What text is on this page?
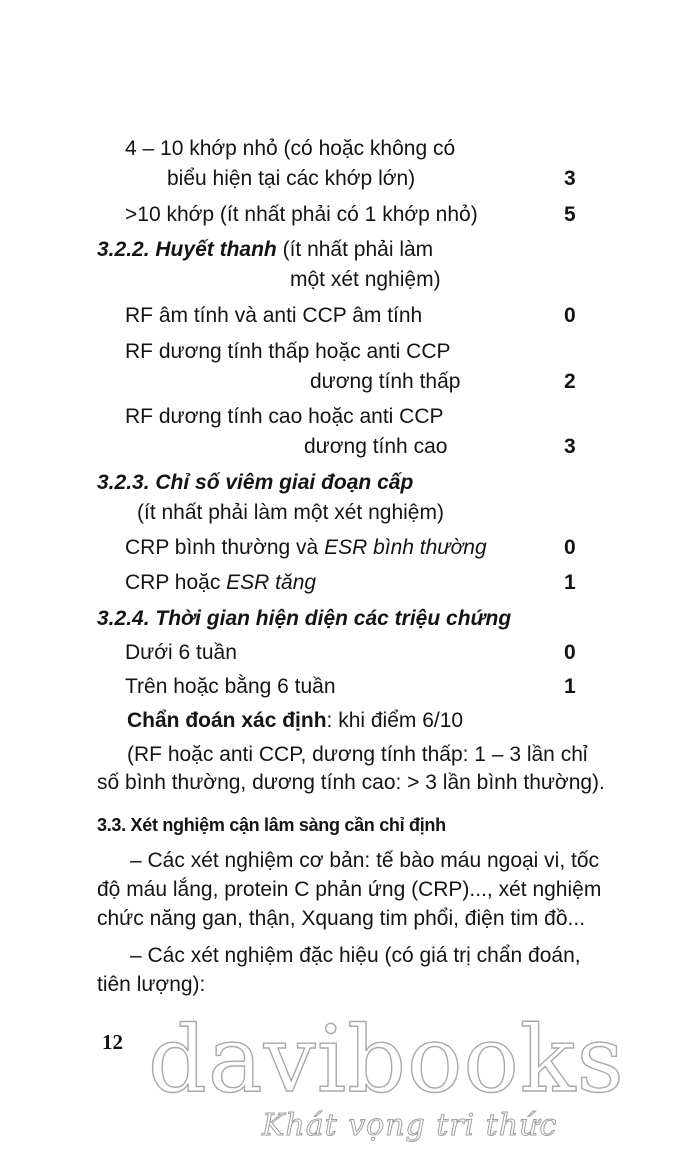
4 – 10 khớp nhỏ (có hoặc không có
biểu hiện tại các khớp lớn)	3
>10 khớp (ít nhất phải có 1 khớp nhỏ)	5
3.2.2. Huyết thanh (ít nhất phải làm
một xét nghiệm)
RF âm tính và anti CCP âm tính	0
RF dương tính thấp hoặc anti CCP
dương tính thấp	2
RF dương tính cao hoặc anti CCP
dương tính cao	3
3.2.3. Chỉ số viêm giai đoạn cấp
(ít nhất phải làm một xét nghiệm)
CRP bình thường và ESR bình thường	0
CRP hoặc ESR tăng	1
3.2.4. Thời gian hiện diện các triệu chứng
Dưới 6 tuần	0
Trên hoặc bằng 6 tuần	1
Chẩn đoán xác định: khi điểm 6/10
(RF hoặc anti CCP, dương tính thấp: 1 – 3 lần chỉ
số bình thường, dương tính cao: > 3 lần bình thường).
3.3. Xét nghiệm cận lâm sàng cần chỉ định
– Các xét nghiệm cơ bản: tế bào máu ngoại vi, tốc
độ máu lắng, protein C phản ứng (CRP)..., xét nghiệm
chức năng gan, thận, Xquang tim phổi, điện tim đồ...
– Các xét nghiệm đặc hiệu (có giá trị chẩn đoán,
tiên lượng):
12 davibooks
Khát vọng tri thức
